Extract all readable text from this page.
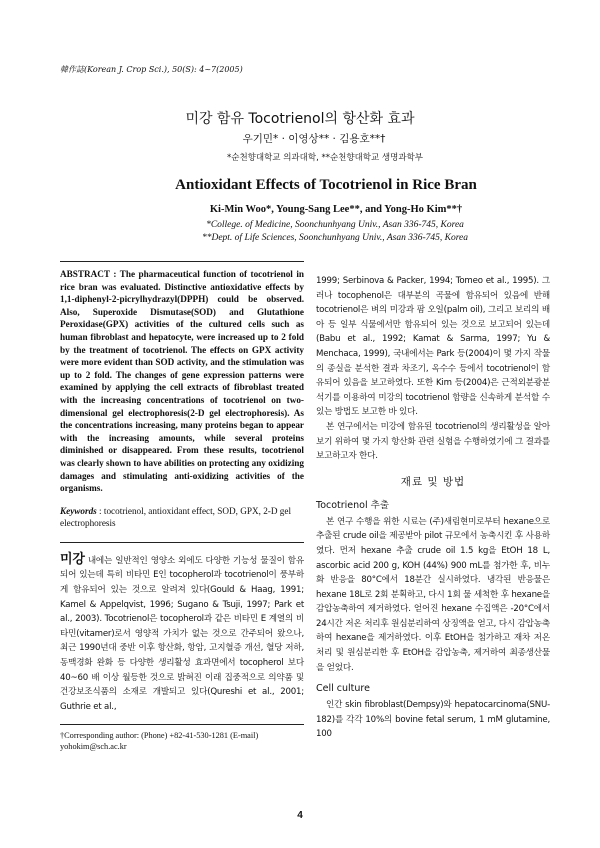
韓作誌(Korean J. Crop Sci.), 50(S): 4~7(2005)
미강 함유 Tocotrienol의 항산화 효과
우기민* · 이영상** · 김용호**†
*순천향대학교 의과대학, **순천향대학교 생명과학부
Antioxidant Effects of Tocotrienol in Rice Bran
Ki-Min Woo*, Young-Sang Lee**, and Yong-Ho Kim**†
*College. of Medicine, Soonchunhyang Univ., Asan 336-745, Korea
**Dept. of Life Sciences, Soonchunhyang Univ., Asan 336-745, Korea

ABSTRACT : The pharmaceutical function of tocotrienol in rice bran was evaluated. Distinctive antioxidative effects by 1,1-diphenyl-2-picrylhydrazyl(DPPH) could be observed. Also, Superoxide Dismutase(SOD) and Glutathione Peroxidase(GPX) activities of the cultured cells such as human fibroblast and hepatocyte, were increased up to 2 fold by the treatment of tocotrienol. The effects on GPX activity were more evident than SOD activity, and the stimulation was up to 2 fold. The changes of gene expression patterns were examined by applying the cell extracts of fibroblast treated with the increasing concentrations of tocotrienol on two-dimensional gel electrophoresis(2-D gel electrophoresis). As the concentrations increasing, many proteins began to appear with the increasing amounts, while several proteins diminished or disappeared. From these results, tocotrienol was clearly shown to have abilities on protecting any oxidizing damages and stimulating anti-oxidizing activities of the organisms.

Keywords : tocotrienol, antioxidant effect, SOD, GPX, 2-D gel electrophoresis

미강 내에는 일반적인 영양소 외에도 다양한 기능성 물질이 함유되어 있는데 특히 비타민 E인 tocopherol과 tocotrienol이 풍부하게 함유되어 있는 것으로 알려져 있다(Gould & Haag, 1991; Kamel & Appelqvist, 1996; Sugano & Tsuji, 1997; Park et al., 2003). Tocotrienol은 tocopherol과 같은 비타민 E 계열의 비타민(vitamer)로서 영양적 가치가 없는 것으로 간주되어 왔으나, 최근 1990년대 중반 이후 항산화, 항암, 고지혈증 개선, 혈당 저하, 동맥경화 완화 등 다양한 생리활성 효과면에서 tocopherol 보다 40~60 배 이상 월등한 것으로 밝혀진 이래 집중적으로 의약품 및 건강보조식품의 소재로 개발되고 있다(Qureshi et al., 2001; Guthrie et al.,

†Corresponding author: (Phone) +82-41-530-1281 (E-mail) yohokim@sch.ac.kr

1999; Serbinova & Packer, 1994; Tomeo et al., 1995). 그러나 tocophenol은 대부분의 곡물에 함유되어 있음에 반해 tocotrienol은 벼의 미강과 팜 오일(palm oil), 그리고 보리의 배아 등 일부 식물에서만 함유되어 있는 것으로 보고되어 있는데(Babu et al., 1992; Kamat & Sarma, 1997; Yu & Menchaca, 1999), 국내에서는 Park 등(2004)이 몇 가지 작물의 종실을 분석한 결과 차조기, 옥수수 등에서 tocotrienol이 함유되어 있음을 보고하였다. 또한 Kim 등(2004)은 근적외분광분석기를 이용하여 미강의 tocotrienol 함량을 신속하게 분석할 수 있는 방법도 보고한 바 있다.

본 연구에서는 미강에 함유된 tocotrienol의 생리활성을 알아보기 위하여 몇 가지 항산화 관련 실험을 수행하였기에 그 결과를 보고하고자 한다.

재료 및 방법
Tocotrienol 추출

본 연구 수행을 위한 시료는 (주)새림현미로부터 hexane으로 추출된 crude oil을 제공받아 pilot 규모에서 농축시킨 후 사용하였다. 먼저 hexane 추출 crude oil 1.5 kg을 EtOH 18 L, ascorbic acid 200 g, KOH (44%) 900 mL를 첨가한 후, 비누화 반응을 80°C에서 18분간 실시하였다. 냉각된 반응물은 hexane 18L로 2회 분획하고, 다시 1회 물 세척한 후 hexane을 감압농축하여 제거하였다. 얻어진 hexane 수집액은 -20°C에서 24시간 저온 처리후 원심분리하여 상징액을 얻고, 다시 감압농축하여 hexane을 제거하였다. 이후 EtOH을 첨가하고 재차 저온 처리 및 원심분리한 후 EtOH을 감압농축, 제거하여 최종생산물을 얻었다.

Cell culture

인간 skin fibroblast(Dempsy)와 hepatocarcinoma(SNU-182)를 각각 10%의 bovine fetal serum, 1 mM glutamine, 100

4
